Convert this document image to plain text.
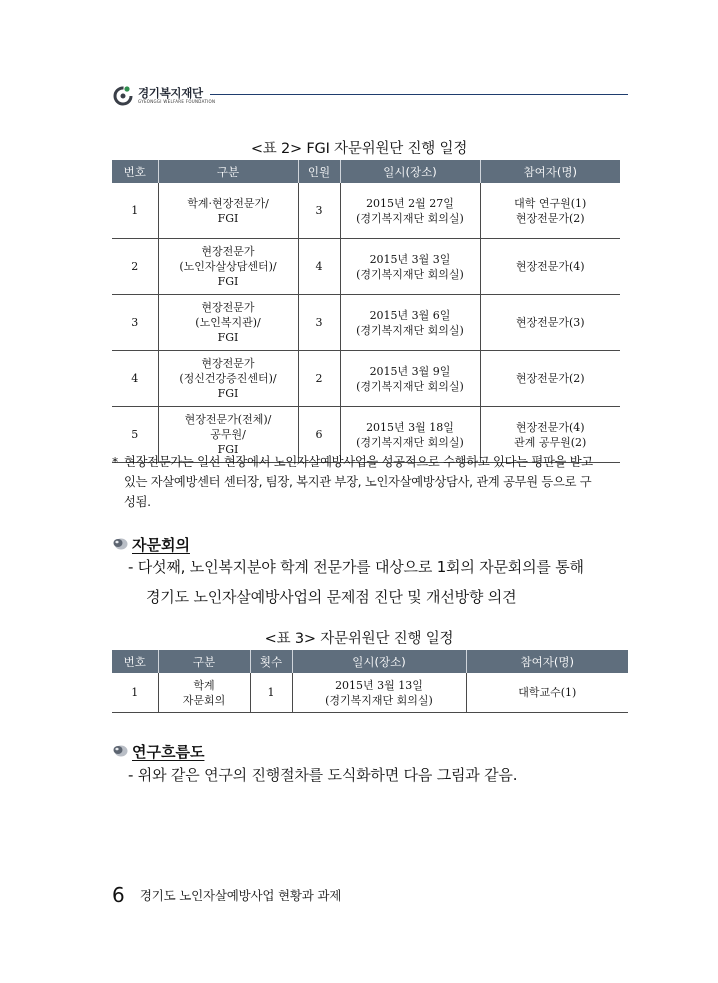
경기복지재단
GYEONGGI WELFARE FOUNDATION
<표 2> FGI 자문위원단 진행 일정
번호	구분	인원	일시(장소)	참여자(명)
1	학계·현장전문가/
FGI	3	2015년 2월 27일
(경기복지재단 회의실)	대학 연구원(1)
현장전문가(2)

2	현장전문가
(노인자살상담센터)/
FGI	4	2015년 3월 3일
(경기복지재단 회의실)	현장전문가(4)

3	현장전문가
(노인복지관)/
FGI	3	2015년 3월 6일
(경기복지재단 회의실)	현장전문가(3)

4	현장전문가
(정신건강증진센터)/
FGI	2	2015년 3월 9일
(경기복지재단 회의실)	현장전문가(2)

5	현장전문가(전체)/
공무원/
FGI	6	2015년 3월 18일
(경기복지재단 회의실)	현장전문가(4)
관계 공무원(2)
* 현장전문가는 일선 현장에서 노인자살예방사업을 성공적으로 수행하고 있다는 평판을 받고
있는 자살예방센터 센터장, 팀장, 복지관 부장, 노인자살예방상담사, 관계 공무원 등으로 구
성됨.
자문회의
- 다섯째, 노인복지분야 학계 전문가를 대상으로 1회의 자문회의를 통해
경기도 노인자살예방사업의 문제점 진단 및 개선방향 의견
<표 3> 자문위원단 진행 일정
번호	구분	횟수	일시(장소)	참여자(명)
1	학계
자문회의	1	2015년 3월 13일
(경기복지재단 회의실)	대학교수(1)
연구흐름도
- 위와 같은 연구의 진행절차를 도식화하면 다음 그림과 같음.
6 경기도 노인자살예방사업 현황과 과제
